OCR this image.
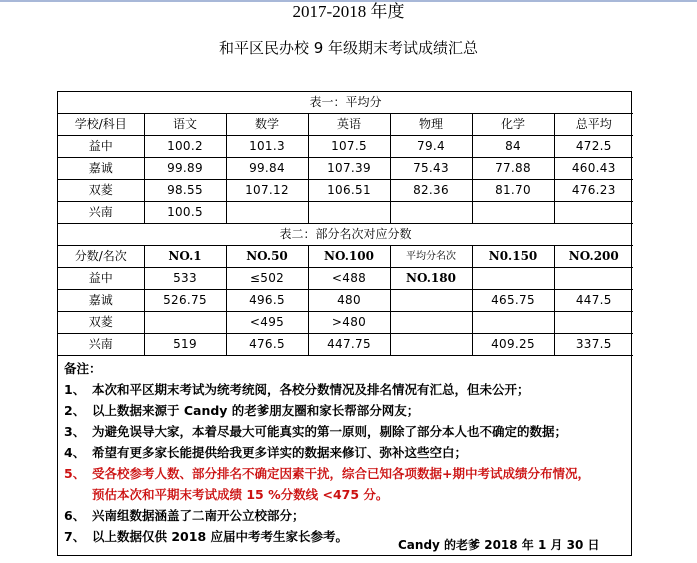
2017-2018 年度
和平区民办校 9 年级期末考试成绩汇总
表一：平均分						
学校/科目	语文	数学	英语	物理	化学	总平均
益中	100.2	101.3	107.5	79.4	84	472.5
嘉诚	99.89	99.84	107.39	75.43	77.88	460.43
双菱	98.55	107.12	106.51	82.36	81.70	476.23
兴南	100.5					
表二：部分名次对应分数						
分数/名次	NO.1	NO.50	NO.100	平均分名次	N0.150	NO.200
益中	533	≤502	<488	NO.180		
嘉诚	526.75	496.5	480		465.75	447.5
双菱		<495	>480			
兴南	519	476.5	447.75		409.25	337.5
备注：
1、 本次和平区期末考试为统考统阅，各校分数情况及排名情况有汇总，但未公开；
2、 以上数据来源于 Candy 的老爹朋友圈和家长帮部分网友；
3、 为避免误导大家，本着尽最大可能真实的第一原则，剔除了部分本人也不确定的数据；
4、 希望有更多家长能提供给我更多详实的数据来修订、弥补这些空白；
5、 受各校参考人数、部分排名不确定因素干扰，综合已知各项数据+期中考试成绩分布情况，
预估本次和平期末考试成绩 15 %分数线 <475 分。
6、 兴南组数据涵盖了二南开公立校部分；
7、 以上数据仅供 2018 应届中考考生家长参考。
Candy 的老爹 2018 年 1 月 30 日
